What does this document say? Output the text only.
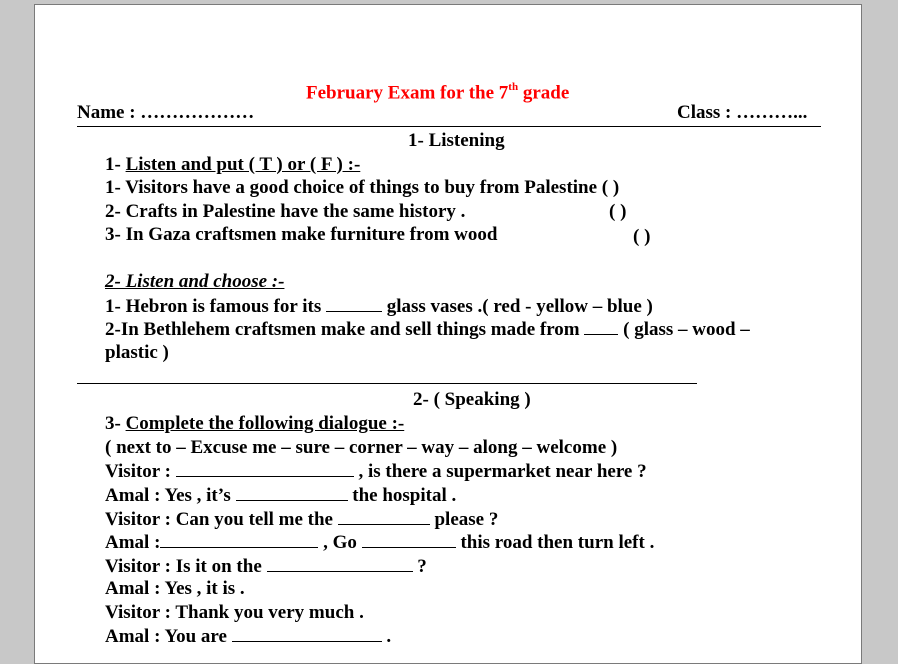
February Exam for the 7th grade
Name : ………………	Class : ………...
1- Listening
1- Listen and put ( T ) or ( F ) :-
1- Visitors have a good choice of things to buy from Palestine ( )
2- Crafts in Palestine have the same history .	( )
3- In Gaza craftsmen make furniture from wood	( )
2- Listen and choose :-
1- Hebron is famous for its	glass vases .( red - yellow – blue )
2-In Bethlehem craftsmen make and sell things made from  ( glass – wood –
plastic )
2- ( Speaking )
3- Complete the following dialogue :-
( next to – Excuse me – sure – corner – way – along – welcome )
Visitor :	, is there a supermarket near here ?
Amal : Yes , it’s	the hospital .
Visitor : Can you tell me the	please ?
Amal :	, Go	this road then turn left .
Visitor : Is it on the	?
Amal : Yes , it is .
Visitor : Thank you very much .
Amal : You are	.
